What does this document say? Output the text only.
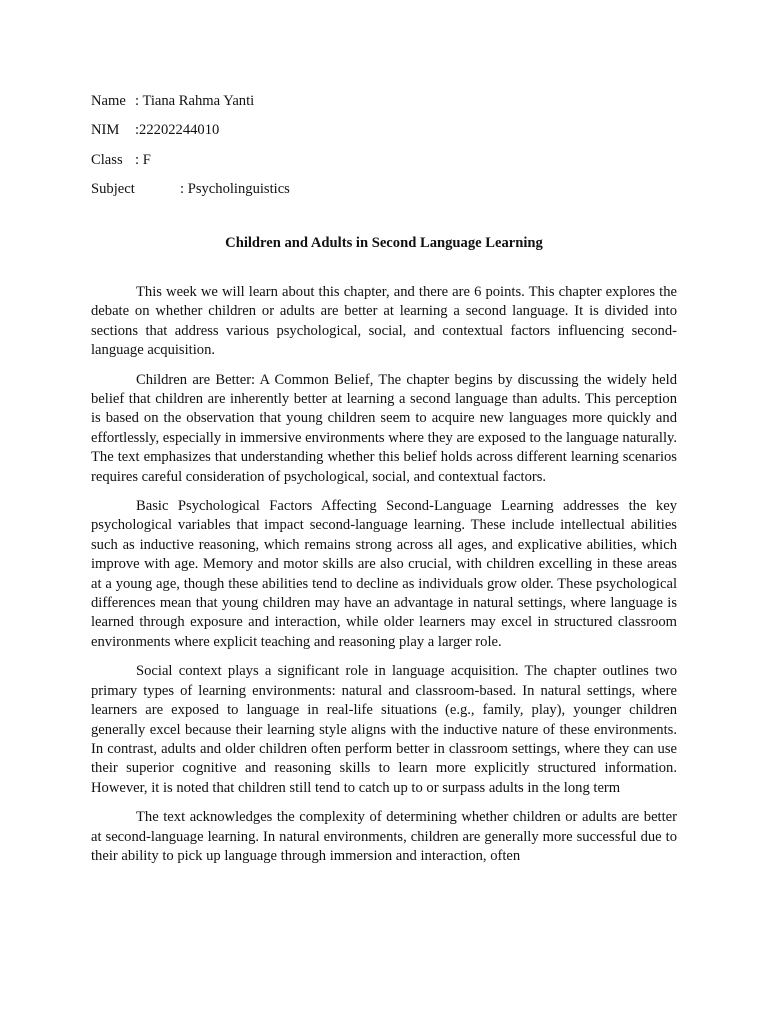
Name : Tiana Rahma Yanti
NIM :22202244010
Class : F
Subject	: Psycholinguistics
Children and Adults in Second Language Learning

This week we will learn about this chapter, and there are 6 points. This chapter explores the debate on whether children or adults are better at learning a second language. It is divided into sections that address various psychological, social, and contextual factors influencing second-language acquisition.

Children are Better: A Common Belief, The chapter begins by discussing the widely held belief that children are inherently better at learning a second language than adults. This perception is based on the observation that young children seem to acquire new languages more quickly and effortlessly, especially in immersive environments where they are exposed to the language naturally. The text emphasizes that understanding whether this belief holds across different learning scenarios requires careful consideration of psychological, social, and contextual factors.

Basic Psychological Factors Affecting Second-Language Learning addresses the key psychological variables that impact second-language learning. These include intellectual abilities such as inductive reasoning, which remains strong across all ages, and explicative abilities, which improve with age. Memory and motor skills are also crucial, with children excelling in these areas at a young age, though these abilities tend to decline as individuals grow older. These psychological differences mean that young children may have an advantage in natural settings, where language is learned through exposure and interaction, while older learners may excel in structured classroom environments where explicit teaching and reasoning play a larger role.

Social context plays a significant role in language acquisition. The chapter outlines two primary types of learning environments: natural and classroom-based. In natural settings, where learners are exposed to language in real-life situations (e.g., family, play), younger children generally excel because their learning style aligns with the inductive nature of these environments. In contrast, adults and older children often perform better in classroom settings, where they can use their superior cognitive and reasoning skills to learn more explicitly structured information. However, it is noted that children still tend to catch up to or surpass adults in the long term

The text acknowledges the complexity of determining whether children or adults are better at second-language learning. In natural environments, children are generally more successful due to their ability to pick up language through immersion and interaction, often
